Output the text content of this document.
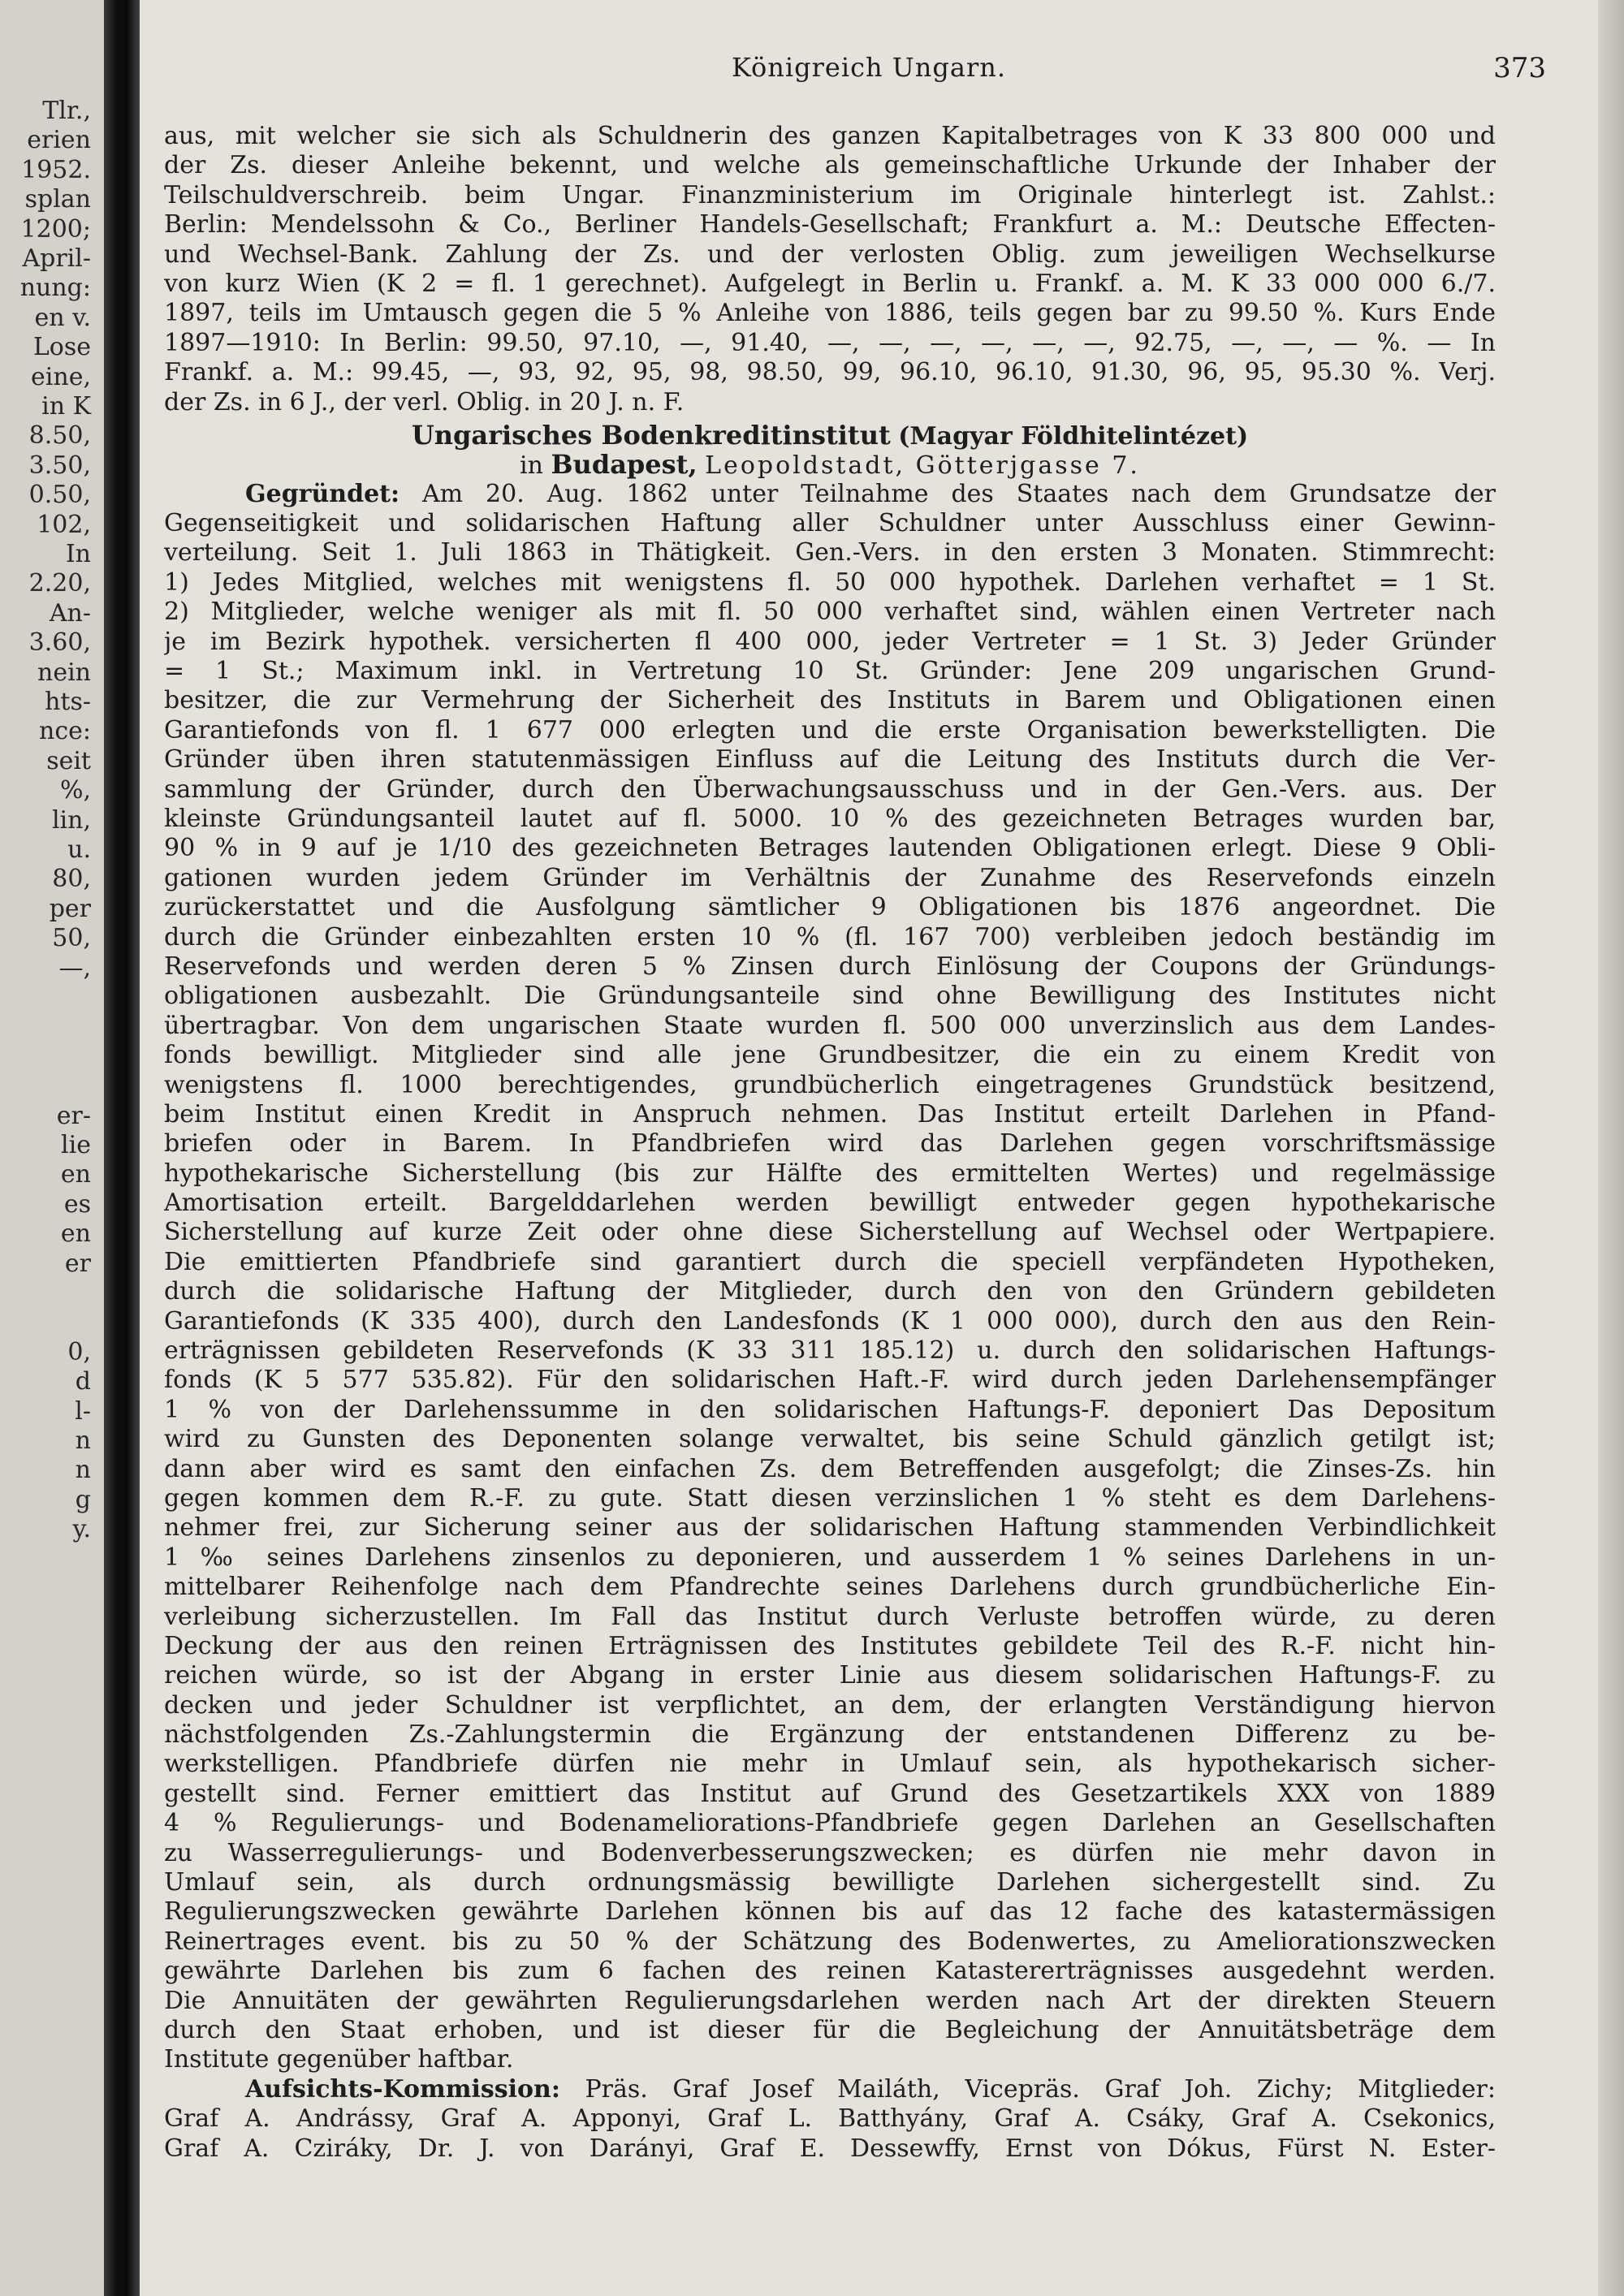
Tlr.,
erien
1952.
splan
1200;
April-
nung:
en v.
Lose
eine,
in K
8.50,
3.50,
0.50,
102,
In
2.20,
An-
3.60,
nein
hts-
nce:
seit
%,
lin,
u.
80,
per
50,
—,
er-
lie
en
es
en
er
0,
d
l-
n
n
g
y.
Königreich Ungarn.	373
aus, mit welcher sie sich als Schuldnerin des ganzen Kapitalbetrages von K 33 800 000 und
der Zs. dieser Anleihe bekennt, und welche als gemeinschaftliche Urkunde der Inhaber der
Teilschuldverschreib. beim Ungar. Finanzministerium im Originale hinterlegt ist. Zahlst.:
Berlin: Mendelssohn & Co., Berliner Handels-Gesellschaft; Frankfurt a. M.: Deutsche Effecten-
und Wechsel-Bank. Zahlung der Zs. und der verlosten Oblig. zum jeweiligen Wechselkurse
von kurz Wien (K 2 = fl. 1 gerechnet). Aufgelegt in Berlin u. Frankf. a. M. K 33 000 000 6./7.
1897, teils im Umtausch gegen die 5 % Anleihe von 1886, teils gegen bar zu 99.50 %. Kurs Ende
1897—1910: In Berlin: 99.50, 97.10, —, 91.40, —, —, —, —, —, —, 92.75, —, —, — %. — In
Frankf. a. M.: 99.45, —, 93, 92, 95, 98, 98.50, 99, 96.10, 96.10, 91.30, 96, 95, 95.30 %. Verj.
der Zs. in 6 J., der verl. Oblig. in 20 J. n. F.
Ungarisches Bodenkreditinstitut (Magyar Földhitelintézet)
in Budapest, Leopoldstadt, Götterjgasse 7.
Gegründet: Am 20. Aug. 1862 unter Teilnahme des Staates nach dem Grundsatze der
Gegenseitigkeit und solidarischen Haftung aller Schuldner unter Ausschluss einer Gewinn-
verteilung. Seit 1. Juli 1863 in Thätigkeit. Gen.-Vers. in den ersten 3 Monaten. Stimmrecht:
1) Jedes Mitglied, welches mit wenigstens fl. 50 000 hypothek. Darlehen verhaftet = 1 St.
2) Mitglieder, welche weniger als mit fl. 50 000 verhaftet sind, wählen einen Vertreter nach
je im Bezirk hypothek. versicherten fl 400 000, jeder Vertreter = 1 St. 3) Jeder Gründer
= 1 St.; Maximum inkl. in Vertretung 10 St. Gründer: Jene 209 ungarischen Grund-
besitzer, die zur Vermehrung der Sicherheit des Instituts in Barem und Obligationen einen
Garantiefonds von fl. 1 677 000 erlegten und die erste Organisation bewerkstelligten. Die
Gründer üben ihren statutenmässigen Einfluss auf die Leitung des Instituts durch die Ver-
sammlung der Gründer, durch den Überwachungsausschuss und in der Gen.-Vers. aus. Der
kleinste Gründungsanteil lautet auf fl. 5000. 10 % des gezeichneten Betrages wurden bar,
90 % in 9 auf je 1/10 des gezeichneten Betrages lautenden Obligationen erlegt. Diese 9 Obli-
gationen wurden jedem Gründer im Verhältnis der Zunahme des Reservefonds einzeln
zurückerstattet und die Ausfolgung sämtlicher 9 Obligationen bis 1876 angeordnet. Die
durch die Gründer einbezahlten ersten 10 % (fl. 167 700) verbleiben jedoch beständig im
Reservefonds und werden deren 5 % Zinsen durch Einlösung der Coupons der Gründungs-
obligationen ausbezahlt. Die Gründungsanteile sind ohne Bewilligung des Institutes nicht
übertragbar. Von dem ungarischen Staate wurden fl. 500 000 unverzinslich aus dem Landes-
fonds bewilligt. Mitglieder sind alle jene Grundbesitzer, die ein zu einem Kredit von
wenigstens fl. 1000 berechtigendes, grundbücherlich eingetragenes Grundstück besitzend,
beim Institut einen Kredit in Anspruch nehmen. Das Institut erteilt Darlehen in Pfand-
briefen oder in Barem. In Pfandbriefen wird das Darlehen gegen vorschriftsmässige
hypothekarische Sicherstellung (bis zur Hälfte des ermittelten Wertes) und regelmässige
Amortisation erteilt. Bargelddarlehen werden bewilligt entweder gegen hypothekarische
Sicherstellung auf kurze Zeit oder ohne diese Sicherstellung auf Wechsel oder Wertpapiere.
Die emittierten Pfandbriefe sind garantiert durch die speciell verpfändeten Hypotheken,
durch die solidarische Haftung der Mitglieder, durch den von den Gründern gebildeten
Garantiefonds (K 335 400), durch den Landesfonds (K 1 000 000), durch den aus den Rein-
erträgnissen gebildeten Reservefonds (K 33 311 185.12) u. durch den solidarischen Haftungs-
fonds (K 5 577 535.82). Für den solidarischen Haft.-F. wird durch jeden Darlehensempfänger
1 % von der Darlehenssumme in den solidarischen Haftungs-F. deponiert Das Depositum
wird zu Gunsten des Deponenten solange verwaltet, bis seine Schuld gänzlich getilgt ist;
dann aber wird es samt den einfachen Zs. dem Betreffenden ausgefolgt; die Zinses-Zs. hin
gegen kommen dem R.-F. zu gute. Statt diesen verzinslichen 1 % steht es dem Darlehens-
nehmer frei, zur Sicherung seiner aus der solidarischen Haftung stammenden Verbindlichkeit
1 ‰ seines Darlehens zinsenlos zu deponieren, und ausserdem 1 % seines Darlehens in un-
mittelbarer Reihenfolge nach dem Pfandrechte seines Darlehens durch grundbücherliche Ein-
verleibung sicherzustellen. Im Fall das Institut durch Verluste betroffen würde, zu deren
Deckung der aus den reinen Erträgnissen des Institutes gebildete Teil des R.-F. nicht hin-
reichen würde, so ist der Abgang in erster Linie aus diesem solidarischen Haftungs-F. zu
decken und jeder Schuldner ist verpflichtet, an dem, der erlangten Verständigung hiervon
nächstfolgenden Zs.-Zahlungstermin die Ergänzung der entstandenen Differenz zu be-
werkstelligen. Pfandbriefe dürfen nie mehr in Umlauf sein, als hypothekarisch sicher-
gestellt sind. Ferner emittiert das Institut auf Grund des Gesetzartikels XXX von 1889
4 % Regulierungs- und Bodenameliorations-Pfandbriefe gegen Darlehen an Gesellschaften
zu Wasserregulierungs- und Bodenverbesserungszwecken; es dürfen nie mehr davon in
Umlauf sein, als durch ordnungsmässig bewilligte Darlehen sichergestellt sind. Zu
Regulierungszwecken gewährte Darlehen können bis auf das 12 fache des katastermässigen
Reinertrages event. bis zu 50 % der Schätzung des Bodenwertes, zu Ameliorationszwecken
gewährte Darlehen bis zum 6 fachen des reinen Katastererträgnisses ausgedehnt werden.
Die Annuitäten der gewährten Regulierungsdarlehen werden nach Art der direkten Steuern
durch den Staat erhoben, und ist dieser für die Begleichung der Annuitätsbeträge dem
Institute gegenüber haftbar.
Aufsichts-Kommission: Präs. Graf Josef Mailáth, Vicepräs. Graf Joh. Zichy; Mitglieder:
Graf A. Andrássy, Graf A. Apponyi, Graf L. Batthyány, Graf A. Csáky, Graf A. Csekonics,
Graf A. Cziráky, Dr. J. von Darányi, Graf E. Dessewffy, Ernst von Dókus, Fürst N. Ester-
